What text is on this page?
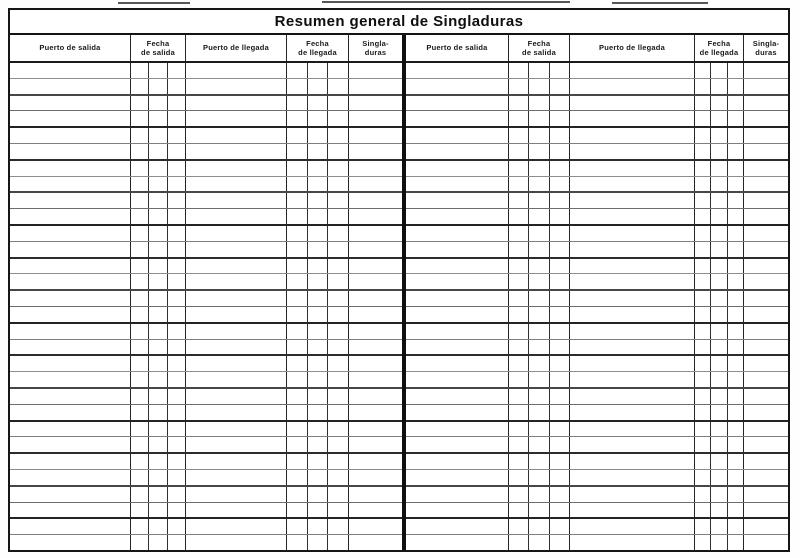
Resumen general de Singladuras
Puerto de salida
Fecha
de salida
Puerto de llegada
Fecha
de llegada
Singla-
duras
Puerto de salida
Fecha
de salida
Puerto de llegada
Fecha
de llegada
Singla-
duras
